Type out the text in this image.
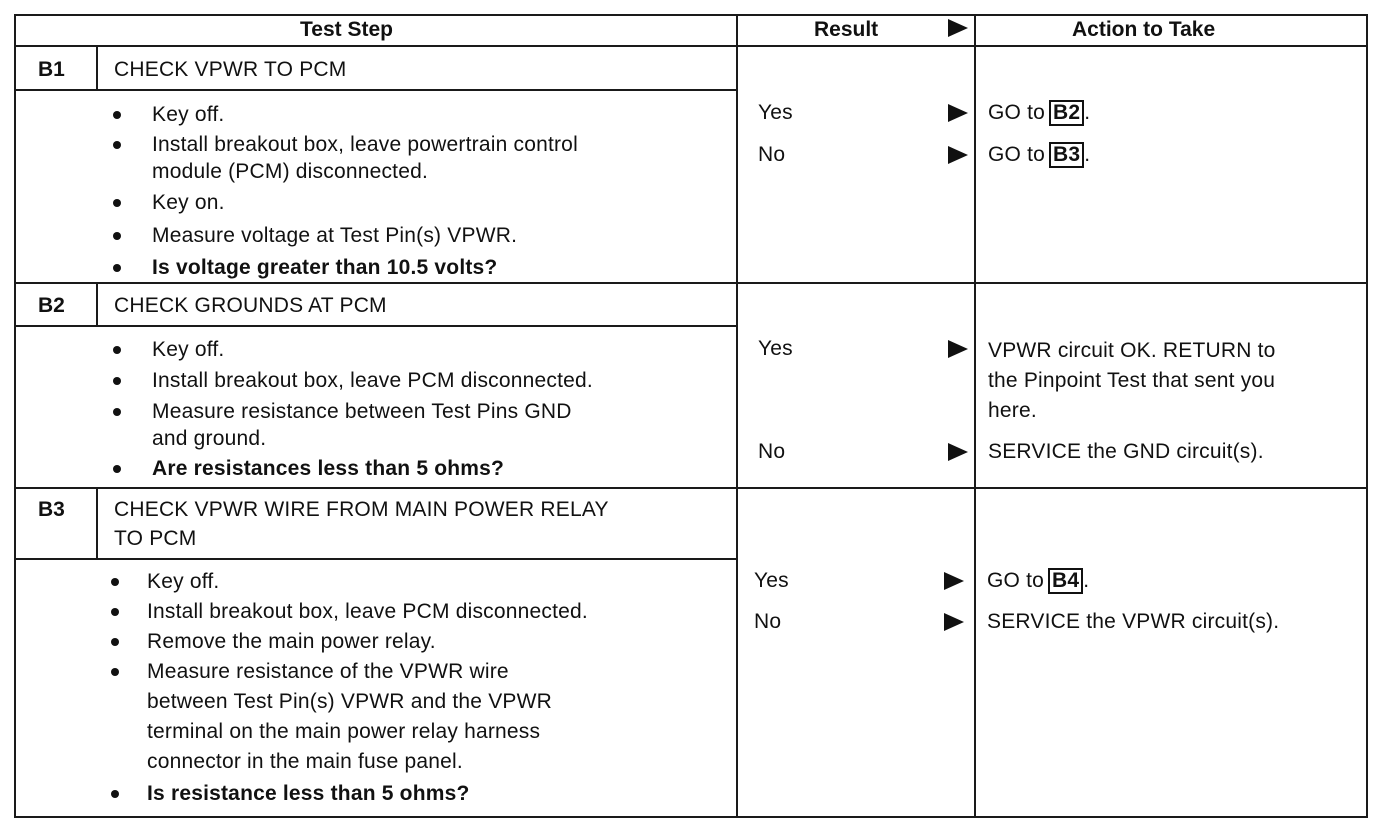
Test Step	Result	Action to Take
B1 CHECK VPWR TO PCM
Key off.
Install breakout box, leave powertrain control
module (PCM) disconnected.
Key on.
Measure voltage at Test Pin(s) VPWR.
Is voltage greater than 10.5 volts?
Yes	GO to B2 .
No	GO to B3 .
B2 CHECK GROUNDS AT PCM
Key off.
Install breakout box, leave PCM disconnected.
Measure resistance between Test Pins GND
and ground.
Are resistances less than 5 ohms?
Yes	VPWR circuit OK. RETURN to
the Pinpoint Test that sent you
here.
No	SERVICE the GND circuit(s).
B3 CHECK VPWR WIRE FROM MAIN POWER RELAY
TO PCM
Key off.
Install breakout box, leave PCM disconnected.
Remove the main power relay.
Measure resistance of the VPWR wire
between Test Pin(s) VPWR and the VPWR
terminal on the main power relay harness
connector in the main fuse panel.
Is resistance less than 5 ohms?
Yes	GO to B4 .
No	SERVICE the VPWR circuit(s).
